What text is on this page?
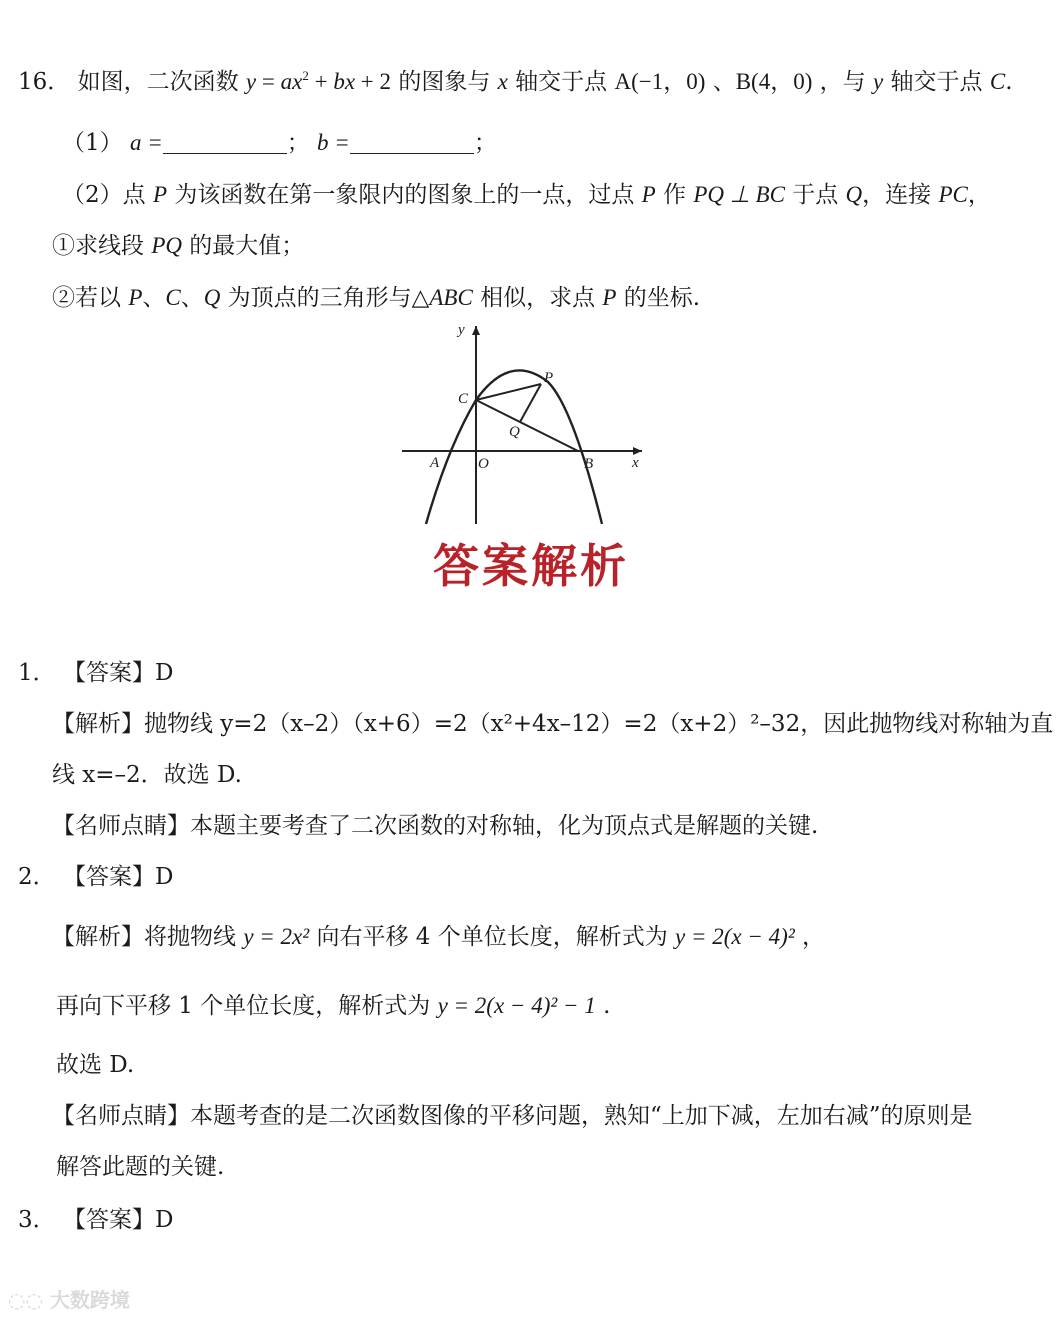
16． 如图，二次函数 $y = ax^2$ + bx + 2 的图象与 x 轴交于点 A(−1，0) 、B(4，0) ，与 y 轴交于点 C.
（1） a =	； b =	；
（2）点 P 为该函数在第一象限内的图象上的一点，过点 P 作 PQ ⊥ BC 于点 Q，连接 PC，
①求线段 PQ 的最大值；
②若以 P、C、Q 为顶点的三角形与△ABC 相似，求点 P 的坐标.
y
x
A	O	B
C
P
Q
答案解析
1． 【答案】D
【解析】抛物线 y=2（x–2）（x+6）=2（x²+4x–12）=2（x+2）²–32，因此抛物线对称轴为直
线 x=–2．故选 D.
【名师点睛】本题主要考查了二次函数的对称轴，化为顶点式是解题的关键.
2． 【答案】D
【解析】将抛物线 y = 2x² 向右平移 4 个单位长度，解析式为 y = 2(x − 4)² ，
再向下平移 1 个单位长度，解析式为 y = 2(x − 4)² − 1 .
故选 D.
【名师点睛】本题考查的是二次函数图像的平移问题，熟知“上加下减，左加右减”的原则是
解答此题的关键.
3． 【答案】D
◌◌ 大数跨境
